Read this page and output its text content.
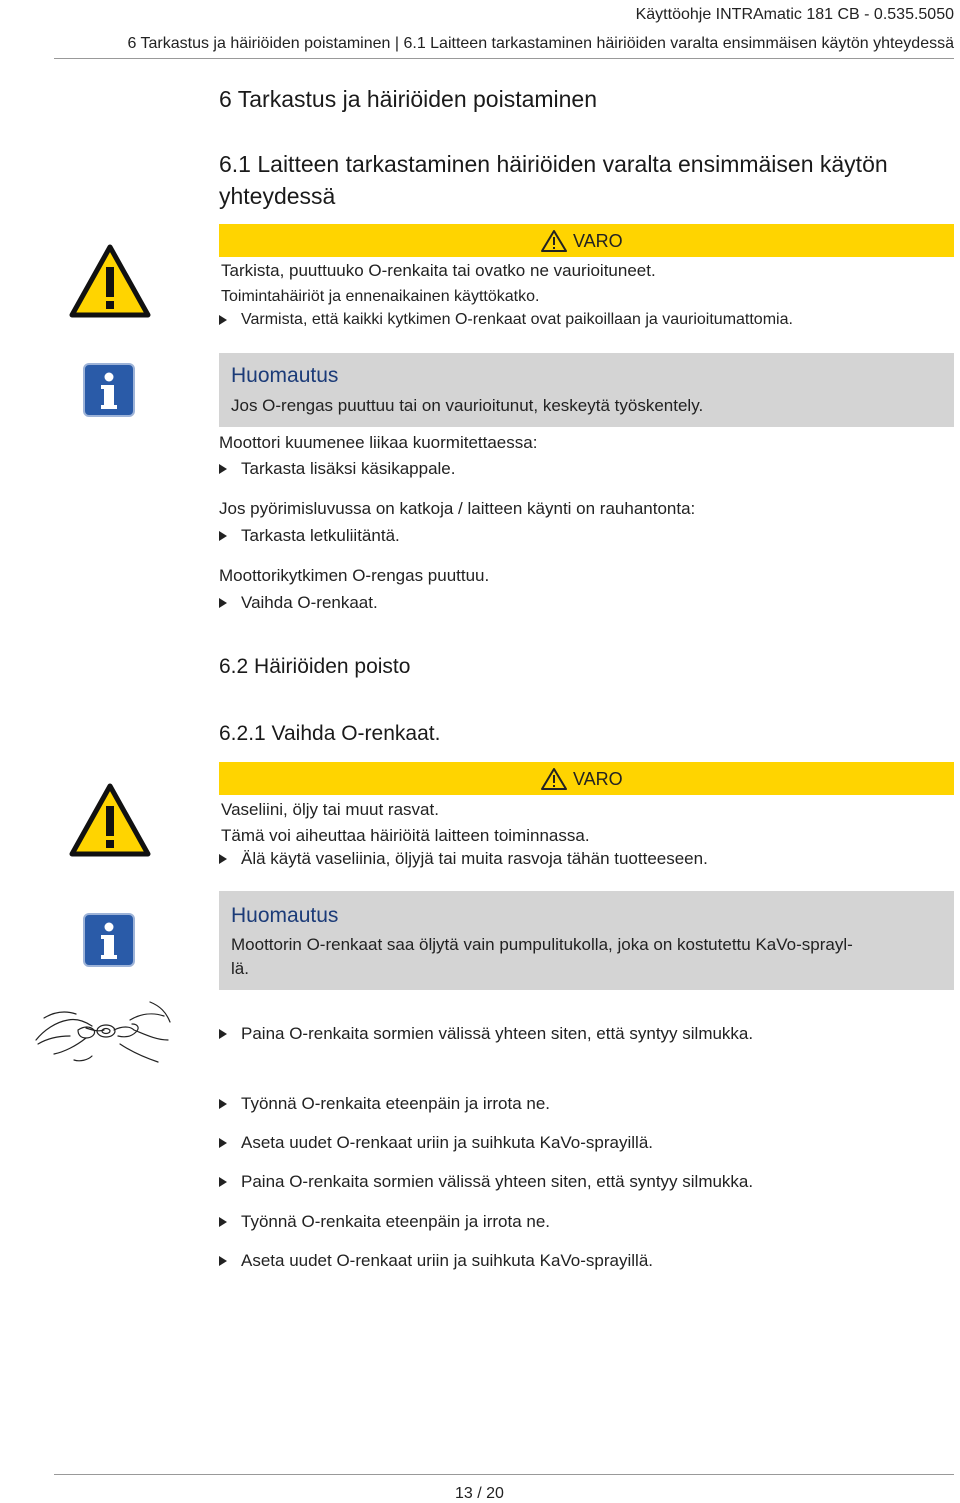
Käyttöohje INTRAmatic 181 CB - 0.535.5050
6 Tarkastus ja häiriöiden poistaminen | 6.1 Laitteen tarkastaminen häiriöiden varalta ensimmäisen käytön yhteydessä
6 Tarkastus ja häiriöiden poistaminen
6.1 Laitteen tarkastaminen häiriöiden varalta ensimmäisen käytön yhteydessä
VARO
Tarkista, puuttuuko O-renkaita tai ovatko ne vaurioituneet.
Toimintahäiriöt ja ennenaikainen käyttökatko.
Varmista, että kaikki kytkimen O-renkaat ovat paikoillaan ja vaurioitumattomia.
Huomautus
Jos O-rengas puuttuu tai on vaurioitunut, keskeytä työskentely.
Moottori kuumenee liikaa kuormitettaessa:
Tarkasta lisäksi käsikappale.
Jos pyörimisluvussa on katkoja / laitteen käynti on rauhantonta:
Tarkasta letkuliitäntä.
Moottorikytkimen O-rengas puuttuu.
Vaihda O-renkaat.
6.2 Häiriöiden poisto
6.2.1 Vaihda O-renkaat.
VARO
Vaseliini, öljy tai muut rasvat.
Tämä voi aiheuttaa häiriöitä laitteen toiminnassa.
Älä käytä vaseliinia, öljyjä tai muita rasvoja tähän tuotteeseen.
Huomautus
Moottorin O-renkaat saa öljytä vain pumpulitukolla, joka on kostutettu KaVo-sprayl-
lä.
Paina O-renkaita sormien välissä yhteen siten, että syntyy silmukka.
Työnnä O-renkaita eteenpäin ja irrota ne.
Aseta uudet O-renkaat uriin ja suihkuta KaVo-sprayillä.
Paina O-renkaita sormien välissä yhteen siten, että syntyy silmukka.
Työnnä O-renkaita eteenpäin ja irrota ne.
Aseta uudet O-renkaat uriin ja suihkuta KaVo-sprayillä.
13 / 20
